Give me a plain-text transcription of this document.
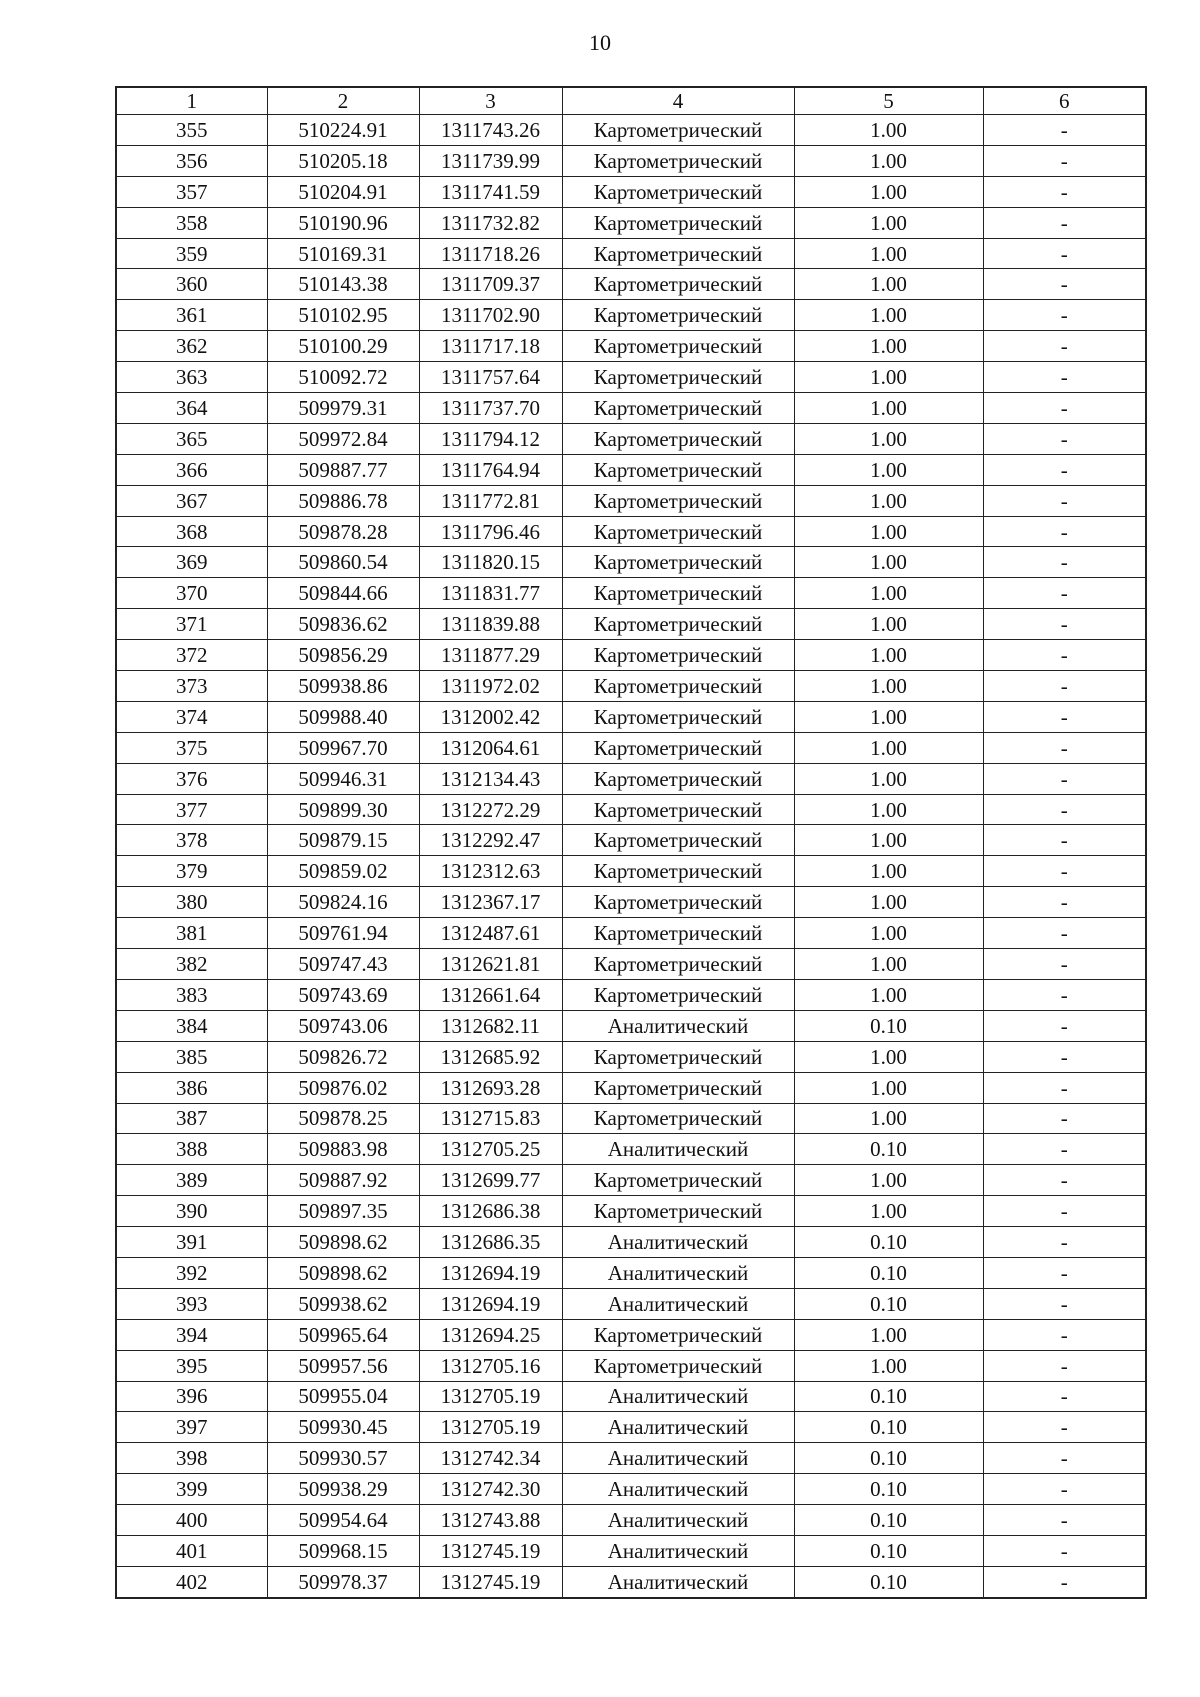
10
1	2	3	4	5	6
355	510224.91	1311743.26	Картометрический	1.00	-
356	510205.18	1311739.99	Картометрический	1.00	-
357	510204.91	1311741.59	Картометрический	1.00	-
358	510190.96	1311732.82	Картометрический	1.00	-
359	510169.31	1311718.26	Картометрический	1.00	-
360	510143.38	1311709.37	Картометрический	1.00	-
361	510102.95	1311702.90	Картометрический	1.00	-
362	510100.29	1311717.18	Картометрический	1.00	-
363	510092.72	1311757.64	Картометрический	1.00	-
364	509979.31	1311737.70	Картометрический	1.00	-
365	509972.84	1311794.12	Картометрический	1.00	-
366	509887.77	1311764.94	Картометрический	1.00	-
367	509886.78	1311772.81	Картометрический	1.00	-
368	509878.28	1311796.46	Картометрический	1.00	-
369	509860.54	1311820.15	Картометрический	1.00	-
370	509844.66	1311831.77	Картометрический	1.00	-
371	509836.62	1311839.88	Картометрический	1.00	-
372	509856.29	1311877.29	Картометрический	1.00	-
373	509938.86	1311972.02	Картометрический	1.00	-
374	509988.40	1312002.42	Картометрический	1.00	-
375	509967.70	1312064.61	Картометрический	1.00	-
376	509946.31	1312134.43	Картометрический	1.00	-
377	509899.30	1312272.29	Картометрический	1.00	-
378	509879.15	1312292.47	Картометрический	1.00	-
379	509859.02	1312312.63	Картометрический	1.00	-
380	509824.16	1312367.17	Картометрический	1.00	-
381	509761.94	1312487.61	Картометрический	1.00	-
382	509747.43	1312621.81	Картометрический	1.00	-
383	509743.69	1312661.64	Картометрический	1.00	-
384	509743.06	1312682.11	Аналитический	0.10	-
385	509826.72	1312685.92	Картометрический	1.00	-
386	509876.02	1312693.28	Картометрический	1.00	-
387	509878.25	1312715.83	Картометрический	1.00	-
388	509883.98	1312705.25	Аналитический	0.10	-
389	509887.92	1312699.77	Картометрический	1.00	-
390	509897.35	1312686.38	Картометрический	1.00	-
391	509898.62	1312686.35	Аналитический	0.10	-
392	509898.62	1312694.19	Аналитический	0.10	-
393	509938.62	1312694.19	Аналитический	0.10	-
394	509965.64	1312694.25	Картометрический	1.00	-
395	509957.56	1312705.16	Картометрический	1.00	-
396	509955.04	1312705.19	Аналитический	0.10	-
397	509930.45	1312705.19	Аналитический	0.10	-
398	509930.57	1312742.34	Аналитический	0.10	-
399	509938.29	1312742.30	Аналитический	0.10	-
400	509954.64	1312743.88	Аналитический	0.10	-
401	509968.15	1312745.19	Аналитический	0.10	-
402	509978.37	1312745.19	Аналитический	0.10	-
